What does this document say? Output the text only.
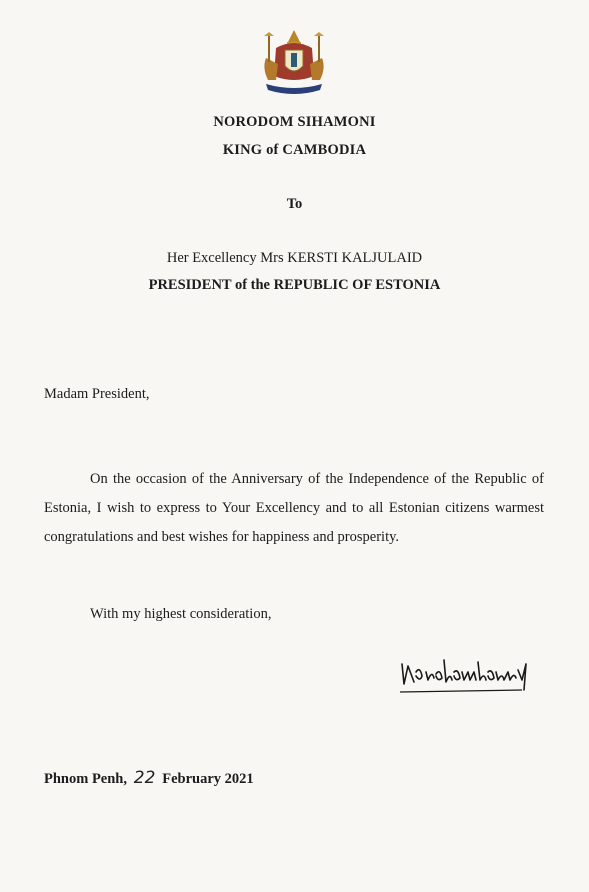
NORODOM SIHAMONI
KING of CAMBODIA
To
Her Excellency Mrs KERSTI KALJULAID
PRESIDENT of the REPUBLIC OF ESTONIA
Madam President,
On the occasion of the Anniversary of the Independence of the Republic of Estonia, I wish to express to Your Excellency and to all Estonian citizens warmest congratulations and best wishes for happiness and prosperity.
With my highest consideration,
Phnom Penh, 22 February 2021
